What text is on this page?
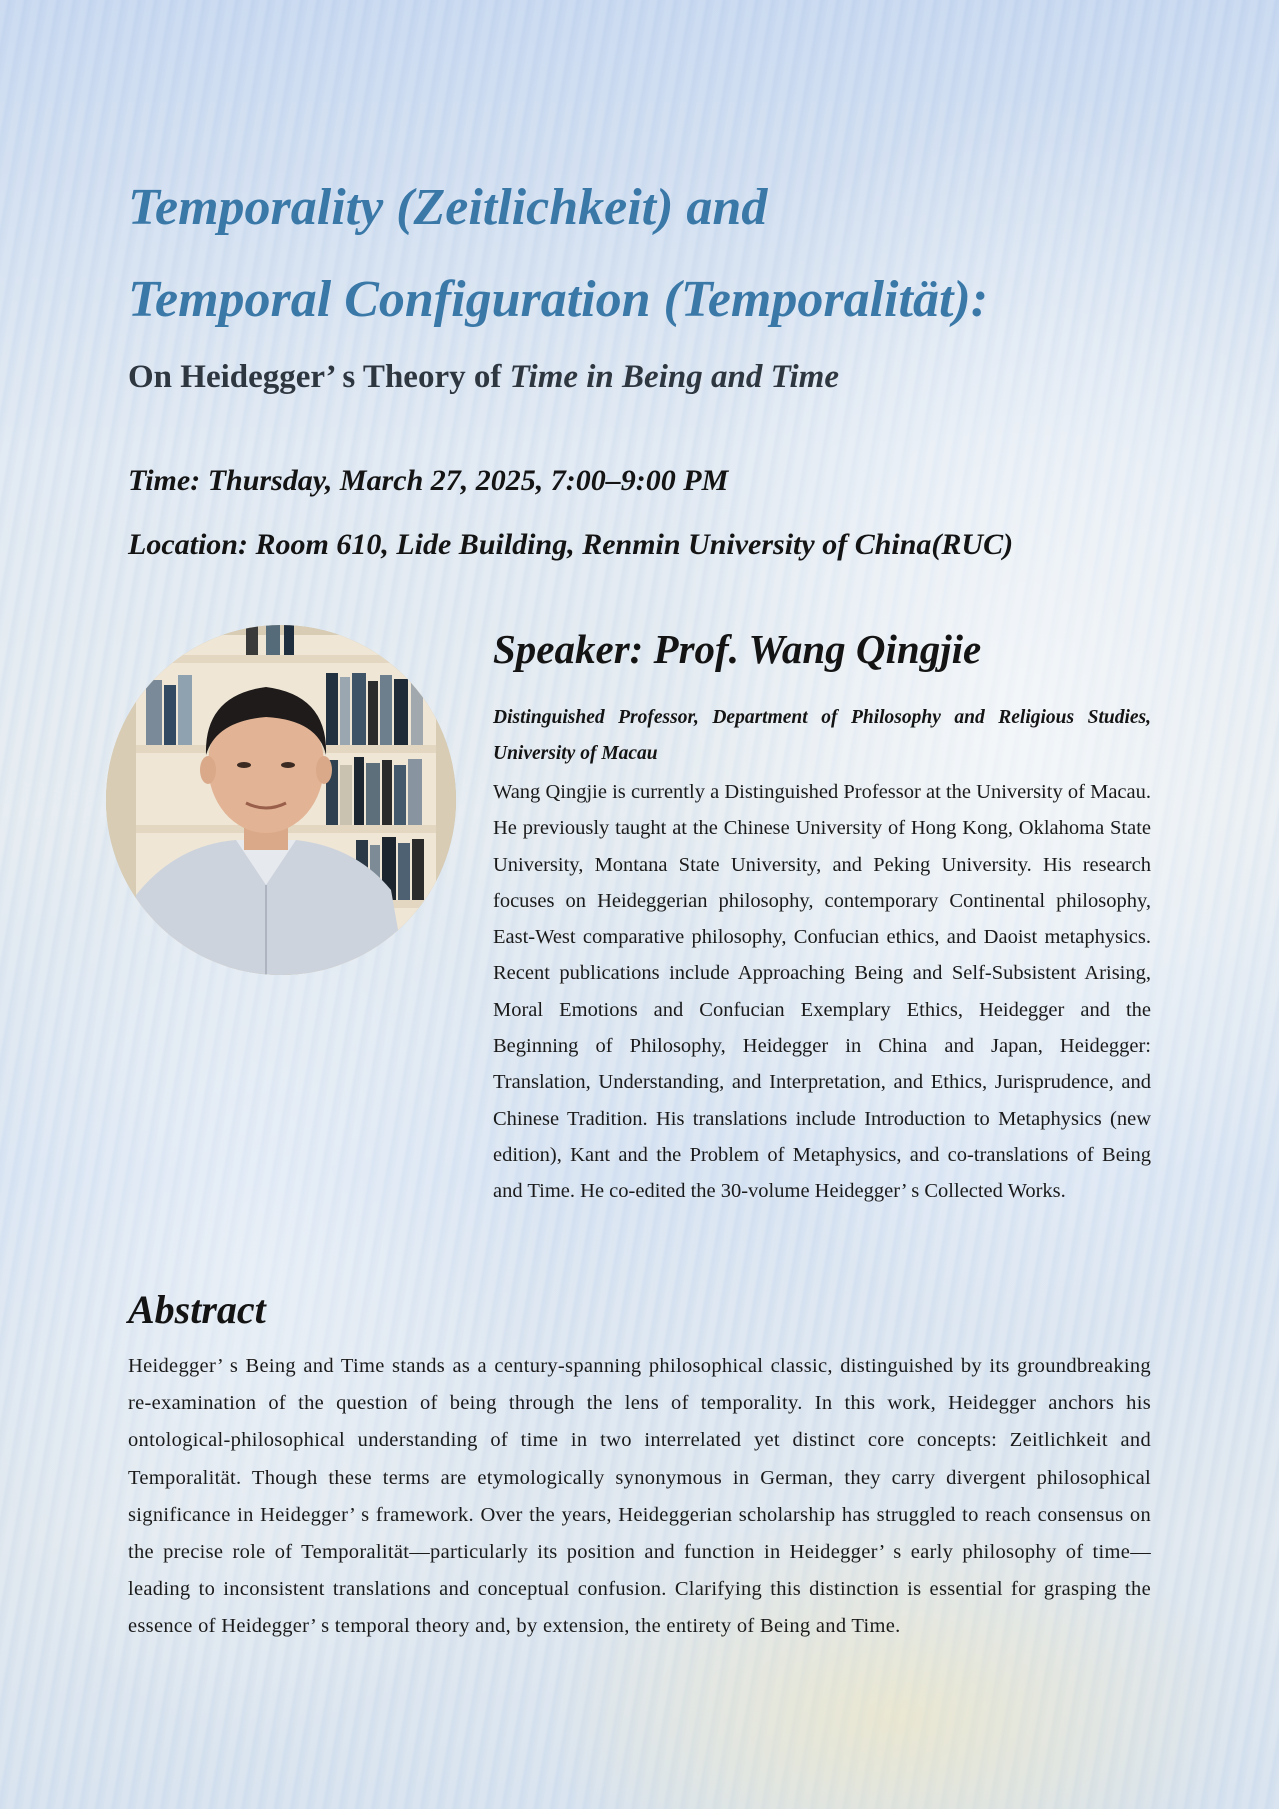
Temporality (Zeitlichkeit) and
Temporal Configuration (Temporalität):
On Heidegger’ s Theory of Time in Being and Time

Time: Thursday, March 27, 2025, 7:00–9:00 PM

Location: Room 610, Lide Building, Renmin University of China(RUC)

Speaker: Prof. Wang Qingjie

Distinguished Professor, Department of Philosophy and Religious Studies, University of Macau

Wang Qingjie is currently a Distinguished Professor at the University of Macau. He previously taught at the Chinese University of Hong Kong, Oklahoma State University, Montana State University, and Peking University. His research focuses on Heideggerian philosophy, contemporary Continental philosophy, East-West comparative philosophy, Confucian ethics, and Daoist metaphysics. Recent publications include Approaching Being and Self-Subsistent Arising, Moral Emotions and Confucian Exemplary Ethics, Heidegger and the Beginning of Philosophy, Heidegger in China and Japan, Heidegger: Translation, Understanding, and Interpretation, and Ethics, Jurisprudence, and Chinese Tradition. His translations include Introduction to Metaphysics (new edition), Kant and the Problem of Metaphysics, and co-translations of Being and Time. He co-edited the 30-volume Heidegger’ s Collected Works.

Abstract

Heidegger’ s Being and Time stands as a century-spanning philosophical classic, distinguished by its groundbreaking re-examination of the question of being through the lens of temporality. In this work, Heidegger anchors his ontological-philosophical understanding of time in two interrelated yet distinct core concepts: Zeitlichkeit and Temporalität. Though these terms are etymologically synonymous in German, they carry divergent philosophical significance in Heidegger’ s framework. Over the years, Heideggerian scholarship has struggled to reach consensus on the precise role of Temporalität—particularly its position and function in Heidegger’ s early philosophy of time—leading to inconsistent translations and conceptual confusion. Clarifying this distinction is essential for grasping the essence of Heidegger’ s temporal theory and, by extension, the entirety of Being and Time.
